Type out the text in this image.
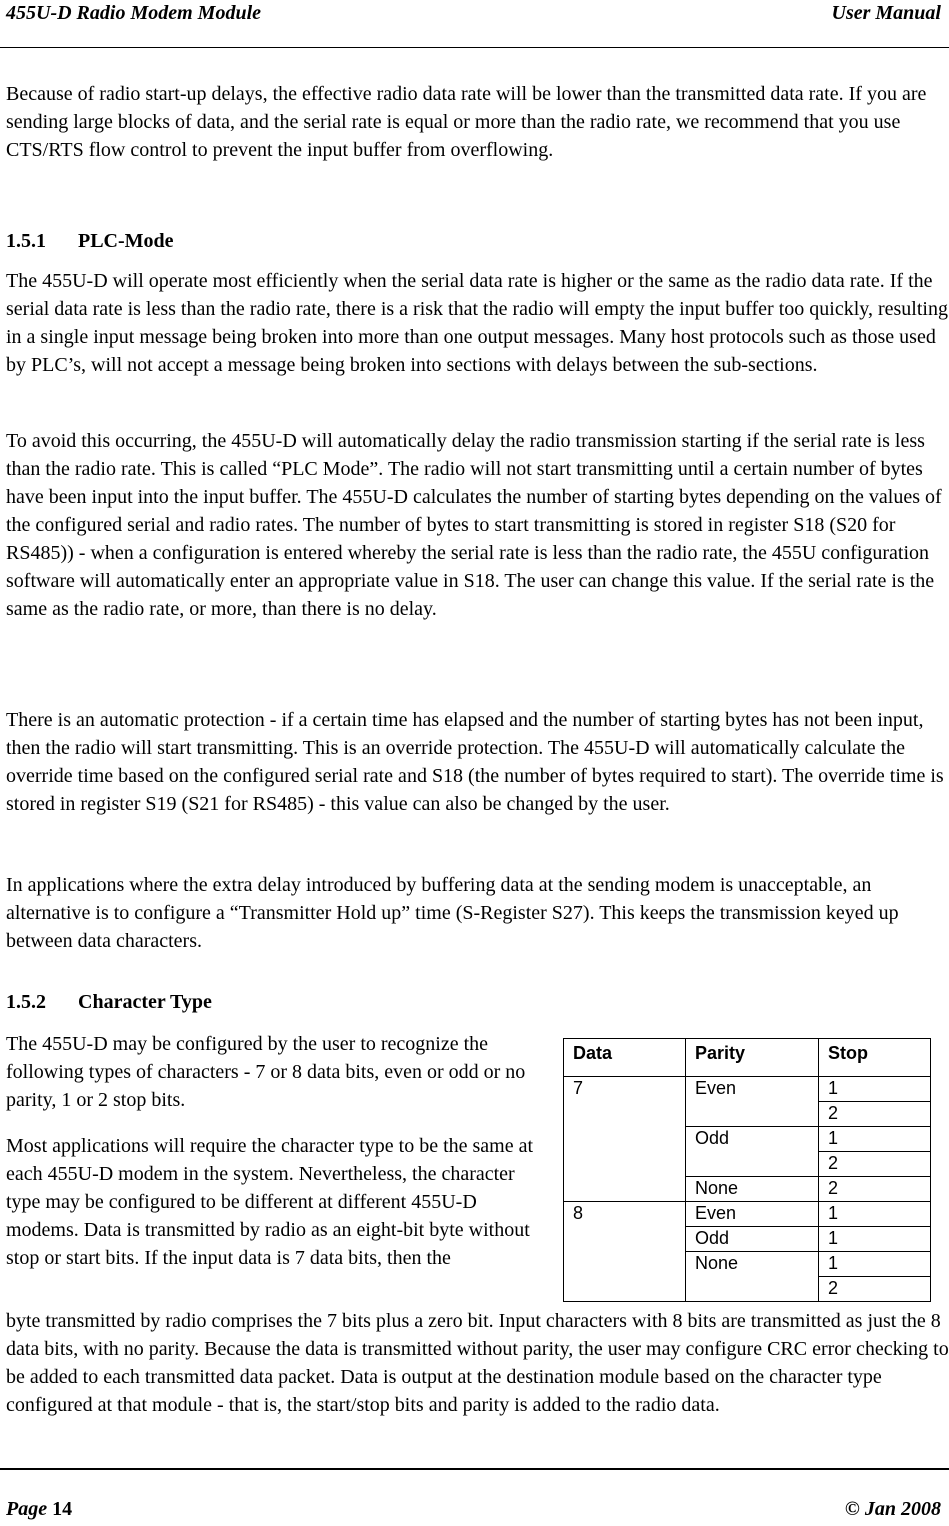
455U-D Radio Modem Module	User Manual

Because of radio start-up delays, the effective radio data rate will be lower than the transmitted data rate. If you are sending large blocks of data, and the serial rate is equal or more than the radio rate, we recommend that you use CTS/RTS flow control to prevent the input buffer from overflowing.

1.5.1 PLC-Mode

The 455U-D will operate most efficiently when the serial data rate is higher or the same as the radio data rate. If the serial data rate is less than the radio rate, there is a risk that the radio will empty the input buffer too quickly, resulting in a single input message being broken into more than one output messages. Many host protocols such as those used by PLC’s, will not accept a message being broken into sections with delays between the sub-sections.

To avoid this occurring, the 455U-D will automatically delay the radio transmission starting if the serial rate is less than the radio rate. This is called “PLC Mode”. The radio will not start transmitting until a certain number of bytes have been input into the input buffer. The 455U-D calculates the number of starting bytes depending on the values of the configured serial and radio rates. The number of bytes to start transmitting is stored in register S18 (S20 for RS485)) - when a configuration is entered whereby the serial rate is less than the radio rate, the 455U configuration software will automatically enter an appropriate value in S18. The user can change this value. If the serial rate is the same as the radio rate, or more, than there is no delay.

There is an automatic protection - if a certain time has elapsed and the number of starting bytes has not been input, then the radio will start transmitting. This is an override protection. The 455U-D will automatically calculate the override time based on the configured serial rate and S18 (the number of bytes required to start). The override time is stored in register S19 (S21 for RS485) - this value can also be changed by the user.

In applications where the extra delay introduced by buffering data at the sending modem is unacceptable, an alternative is to configure a “Transmitter Hold up” time (S-Register S27). This keeps the transmission keyed up between data characters.

1.5.2 Character Type

The 455U-D may be configured by the user to recognize the following types of characters - 7 or 8 data bits, even or odd or no parity, 1 or 2 stop bits.

Most applications will require the character type to be the same at each 455U-D modem in the system. Nevertheless, the character type may be configured to be different at different 455U-D modems. Data is transmitted by radio as an eight-bit byte without stop or start bits. If the input data is 7 data bits, then the

byte transmitted by radio comprises the 7 bits plus a zero bit. Input characters with 8 bits are transmitted as just the 8 data bits, with no parity. Because the data is transmitted without parity, the user may configure CRC error checking to be added to each transmitted data packet. Data is output at the destination module based on the character type configured at that module - that is, the start/stop bits and parity is added to the radio data.

Data	Parity	Stop
7	Even	1
		2
	Odd	1
		2
	None	2
8	Even	1
	Odd	1
	None	1
		2
Page 14	© Jan 2008
